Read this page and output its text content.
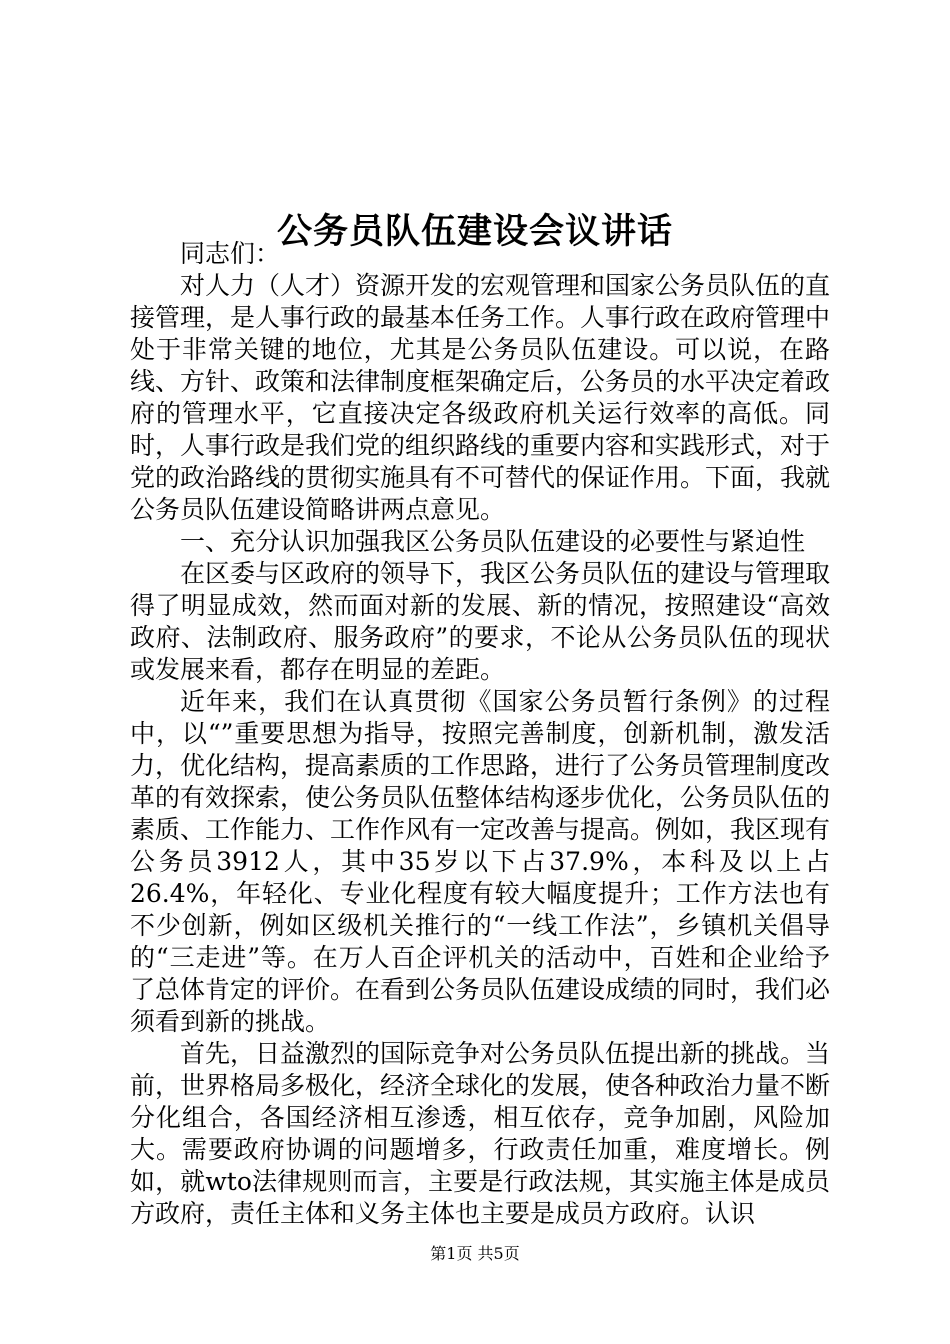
公务员队伍建设会议讲话

同志们：

对人力（人才）资源开发的宏观管理和国家公务员队伍的直接管理，是人事行政的最基本任务工作。人事行政在政府管理中处于非常关键的地位，尤其是公务员队伍建设。可以说，在路线、方针、政策和法律制度框架确定后，公务员的水平决定着政府的管理水平，它直接决定各级政府机关运行效率的高低。同时，人事行政是我们党的组织路线的重要内容和实践形式，对于党的政治路线的贯彻实施具有不可替代的保证作用。下面，我就公务员队伍建设简略讲两点意见。

一、充分认识加强我区公务员队伍建设的必要性与紧迫性

在区委与区政府的领导下，我区公务员队伍的建设与管理取得了明显成效，然而面对新的发展、新的情况，按照建设“高效政府、法制政府、服务政府”的要求，不论从公务员队伍的现状或发展来看，都存在明显的差距。

近年来，我们在认真贯彻《国家公务员暂行条例》的过程中，以“”重要思想为指导，按照完善制度，创新机制，激发活力，优化结构，提高素质的工作思路，进行了公务员管理制度改革的有效探索，使公务员队伍整体结构逐步优化，公务员队伍的素质、工作能力、工作作风有一定改善与提高。例如，我区现有公务员3912人，其中35岁以下占37.9%，本科及以上占26.4%，年轻化、专业化程度有较大幅度提升；工作方法也有不少创新，例如区级机关推行的“一线工作法”，乡镇机关倡导的“三走进”等。在万人百企评机关的活动中，百姓和企业给予了总体肯定的评价。在看到公务员队伍建设成绩的同时，我们必须看到新的挑战。

首先，日益激烈的国际竞争对公务员队伍提出新的挑战。当前，世界格局多极化，经济全球化的发展，使各种政治力量不断分化组合，各国经济相互渗透，相互依存，竞争加剧，风险加大。需要政府协调的问题增多，行政责任加重，难度增长。例如，就wto法律规则而言，主要是行政法规，其实施主体是成员方政府，责任主体和义务主体也主要是成员方政府。认识

第1页 共5页
